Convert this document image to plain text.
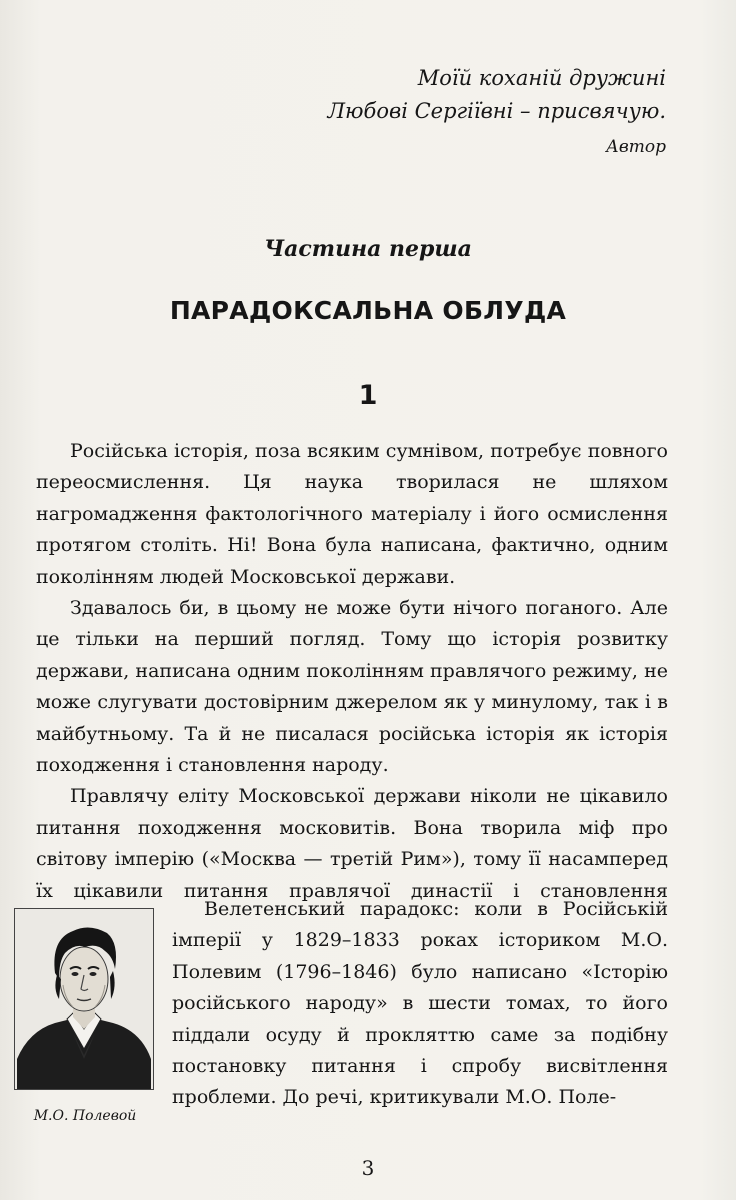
Моїй коханій дружині
Любові Сергіївні – присвячую.
Автор
Частина перша
ПАРАДОКСАЛЬНА ОБЛУДА
1

Російська історія, поза всяким сумнівом, потребує повного переосмислення. Ця наука творилася не шляхом нагромадження фактологічного матеріалу і його осмислення протягом століть. Ні! Вона була написана, фактично, одним поколінням людей Московської держави.

Здавалось би, в цьому не може бути нічого поганого. Але це тільки на перший погляд. Тому що історія розвитку держави, написана одним поколінням правлячого режиму, не може слугувати достовірним джерелом як у минулому, так і в майбутньому. Та й не писалася російська історія як історія походження і становлення народу.

Правлячу еліту Московської держави ніколи не цікавило питання походження московитів. Вона творила міф про світову імперію («Москва — третій Рим»), тому її насамперед їх цікавили питання правлячої династії і становлення

М.О. Полевой

Велетенський парадокс: коли в Російській імперії у 1829–1833 роках істориком М.О. Полевим (1796–1846) було написано «Історію російського народу» в шести томах, то його піддали осуду й прокляттю саме за подібну постановку питання і спробу висвітлення проблеми. До речі, критикували М.О. Поле-

3
